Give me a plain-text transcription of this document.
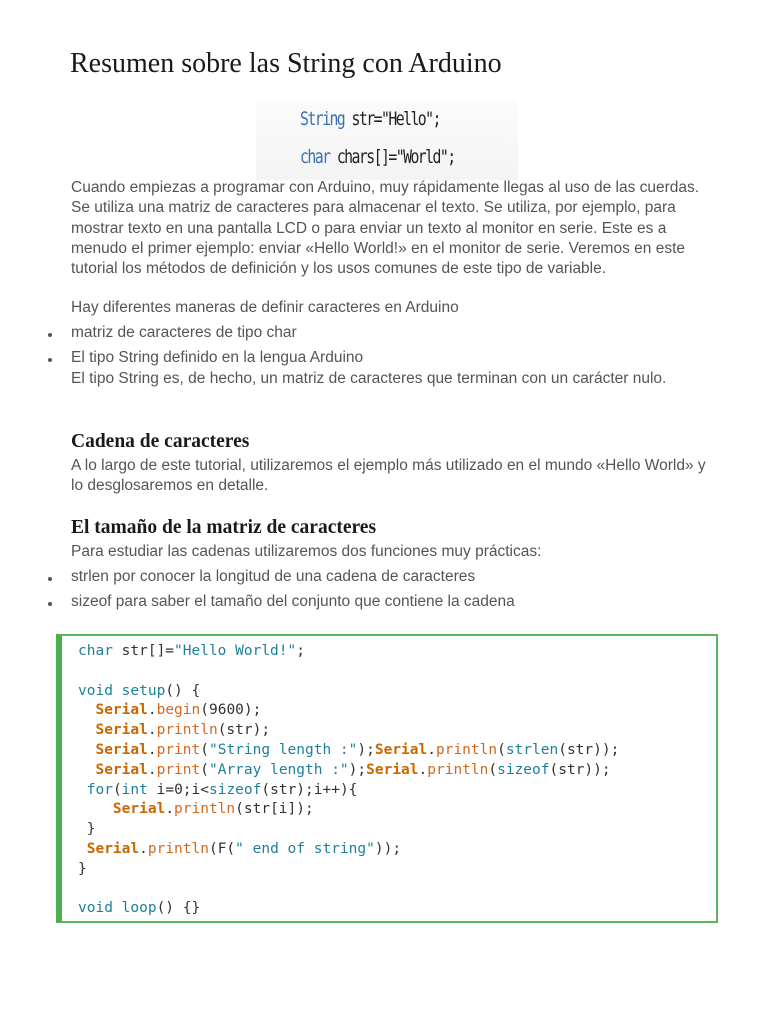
Resumen sobre las String con Arduino
String str="Hello";
char chars[]="World";

Cuando empiezas a programar con Arduino, muy rápidamente llegas al uso de las cuerdas. Se utiliza una matriz de caracteres para almacenar el texto. Se utiliza, por ejemplo, para mostrar texto en una pantalla LCD o para enviar un texto al monitor en serie. Este es a menudo el primer ejemplo: enviar «Hello World!» en el monitor de serie. Veremos en este tutorial los métodos de definición y los usos comunes de este tipo de variable.

Hay diferentes maneras de definir caracteres en Arduino

matriz de caracteres de tipo char
El tipo String definido en la lengua Arduino
El tipo String es, de hecho, un matriz de caracteres que terminan con un carácter nulo.
Cadena de caracteres

A lo largo de este tutorial, utilizaremos el ejemplo más utilizado en el mundo «Hello World» y lo desglosaremos en detalle.

El tamaño de la matriz de caracteres

Para estudiar las cadenas utilizaremos dos funciones muy prácticas:

strlen por conocer la longitud de una cadena de caracteres
sizeof para saber el tamaño del conjunto que contiene la cadena
char str[]="Hello World!";

void setup() {
Serial.begin(9600);
Serial.println(str);
Serial.print("String length :");Serial.println(strlen(str));
Serial.print("Array length :");Serial.println(sizeof(str));
for(int i=0;i<sizeof(str);i++){
Serial.println(str[i]);
}
Serial.println(F(" end of string"));
}

void loop() {}
